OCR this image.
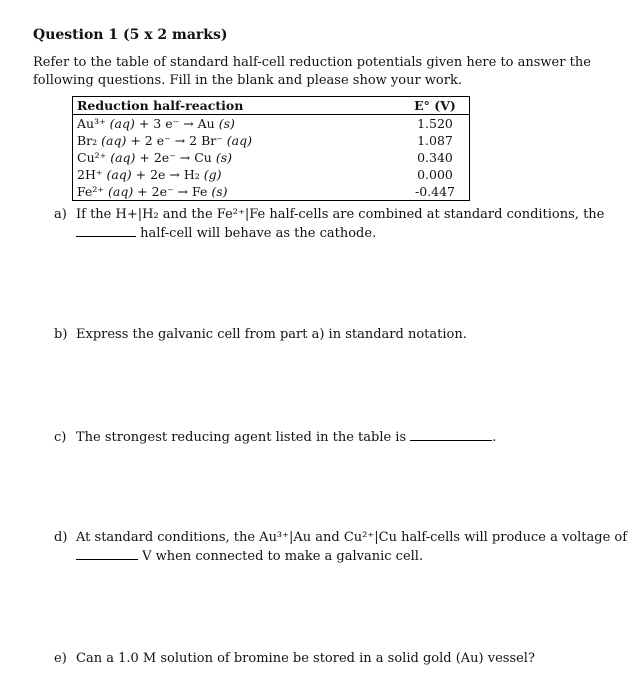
Question 1 (5 x 2 marks)
Refer to the table of standard half-cell reduction potentials given here to answer the
following questions. Fill in the blank and please show your work.
Reduction half-reaction	E° (V)
Au³⁺ (aq) + 3 e⁻ → Au (s)	1.520
Br₂ (aq) + 2 e⁻ → 2 Br⁻ (aq)	1.087
Cu²⁺ (aq) + 2e⁻ → Cu (s)	0.340
2H⁺ (aq) + 2e → H₂ (g)	0.000
Fe²⁺ (aq) + 2e⁻ → Fe (s)	-0.447
a) If the H+|H₂ and the Fe²⁺|Fe half-cells are combined at standard conditions, the
half-cell will behave as the cathode.
b) Express the galvanic cell from part a) in standard notation.
c) The strongest reducing agent listed in the table is	.
d) At standard conditions, the Au³⁺|Au and Cu²⁺|Cu half-cells will produce a voltage of
V when connected to make a galvanic cell.
e) Can a 1.0 M solution of bromine be stored in a solid gold (Au) vessel?
